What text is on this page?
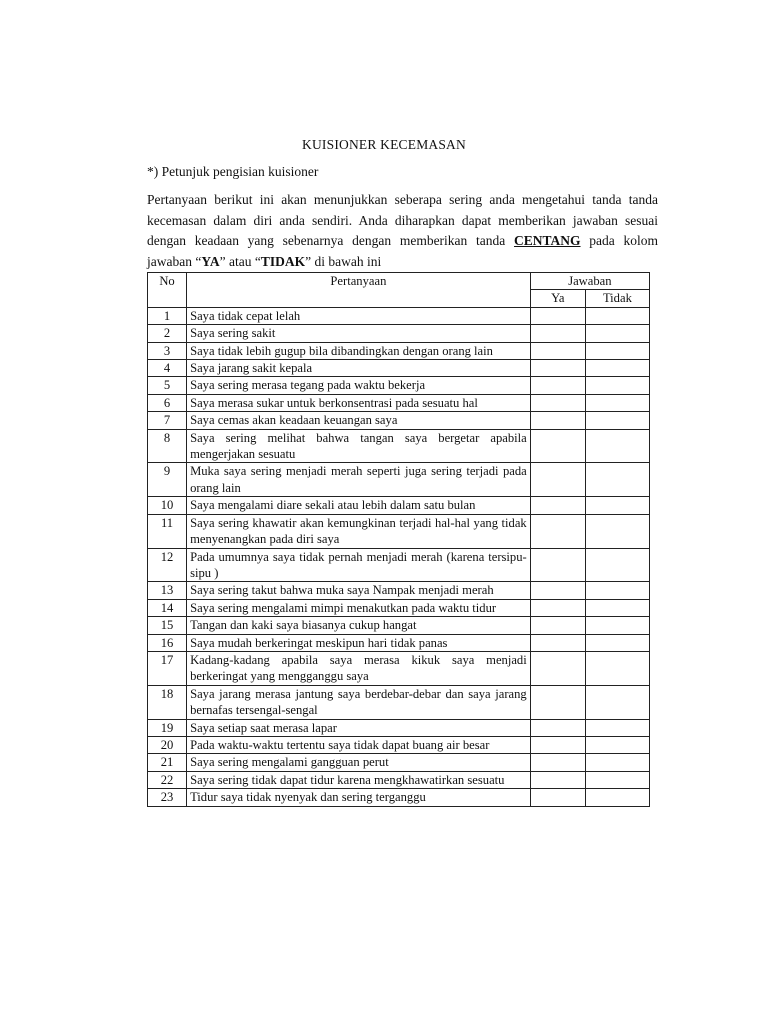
KUISIONER KECEMASAN
*) Petunjuk pengisian kuisioner
Pertanyaan berikut ini akan menunjukkan seberapa sering anda mengetahui tanda tanda kecemasan dalam diri anda sendiri. Anda diharapkan dapat memberikan jawaban sesuai dengan keadaan yang sebenarnya dengan memberikan tanda CENTANG pada kolom jawaban “YA” atau “TIDAK” di bawah ini
No	Pertanyaan	Jawaban	
		Ya	Tidak
1	Saya tidak cepat lelah		
2	Saya sering sakit		
3	Saya tidak lebih gugup bila dibandingkan dengan orang lain		
4	Saya jarang sakit kepala		
5	Saya sering merasa tegang pada waktu bekerja		
6	Saya merasa sukar untuk berkonsentrasi pada sesuatu hal		
7	Saya cemas akan keadaan keuangan saya		
8	Saya sering melihat bahwa tangan saya bergetar apabila mengerjakan sesuatu		
9	Muka saya sering menjadi merah seperti juga sering terjadi pada orang lain		
10	Saya mengalami diare sekali atau lebih dalam satu bulan		
11	Saya sering khawatir akan kemungkinan terjadi hal-hal yang tidak menyenangkan pada diri saya		
12	Pada umumnya saya tidak pernah menjadi merah (karena tersipu-sipu )		
13	Saya sering takut bahwa muka saya Nampak menjadi merah		
14	Saya sering mengalami mimpi menakutkan pada waktu tidur		
15	Tangan dan kaki saya biasanya cukup hangat		
16	Saya mudah berkeringat meskipun hari tidak panas		
17	Kadang-kadang apabila saya merasa kikuk saya menjadi berkeringat yang mengganggu saya		
18	Saya jarang merasa jantung saya berdebar-debar dan saya jarang bernafas tersengal-sengal		
19	Saya setiap saat merasa lapar		
20	Pada waktu-waktu tertentu saya tidak dapat buang air besar		
21	Saya sering mengalami gangguan perut		
22	Saya sering tidak dapat tidur karena mengkhawatirkan sesuatu		
23	Tidur saya tidak nyenyak dan sering terganggu		
